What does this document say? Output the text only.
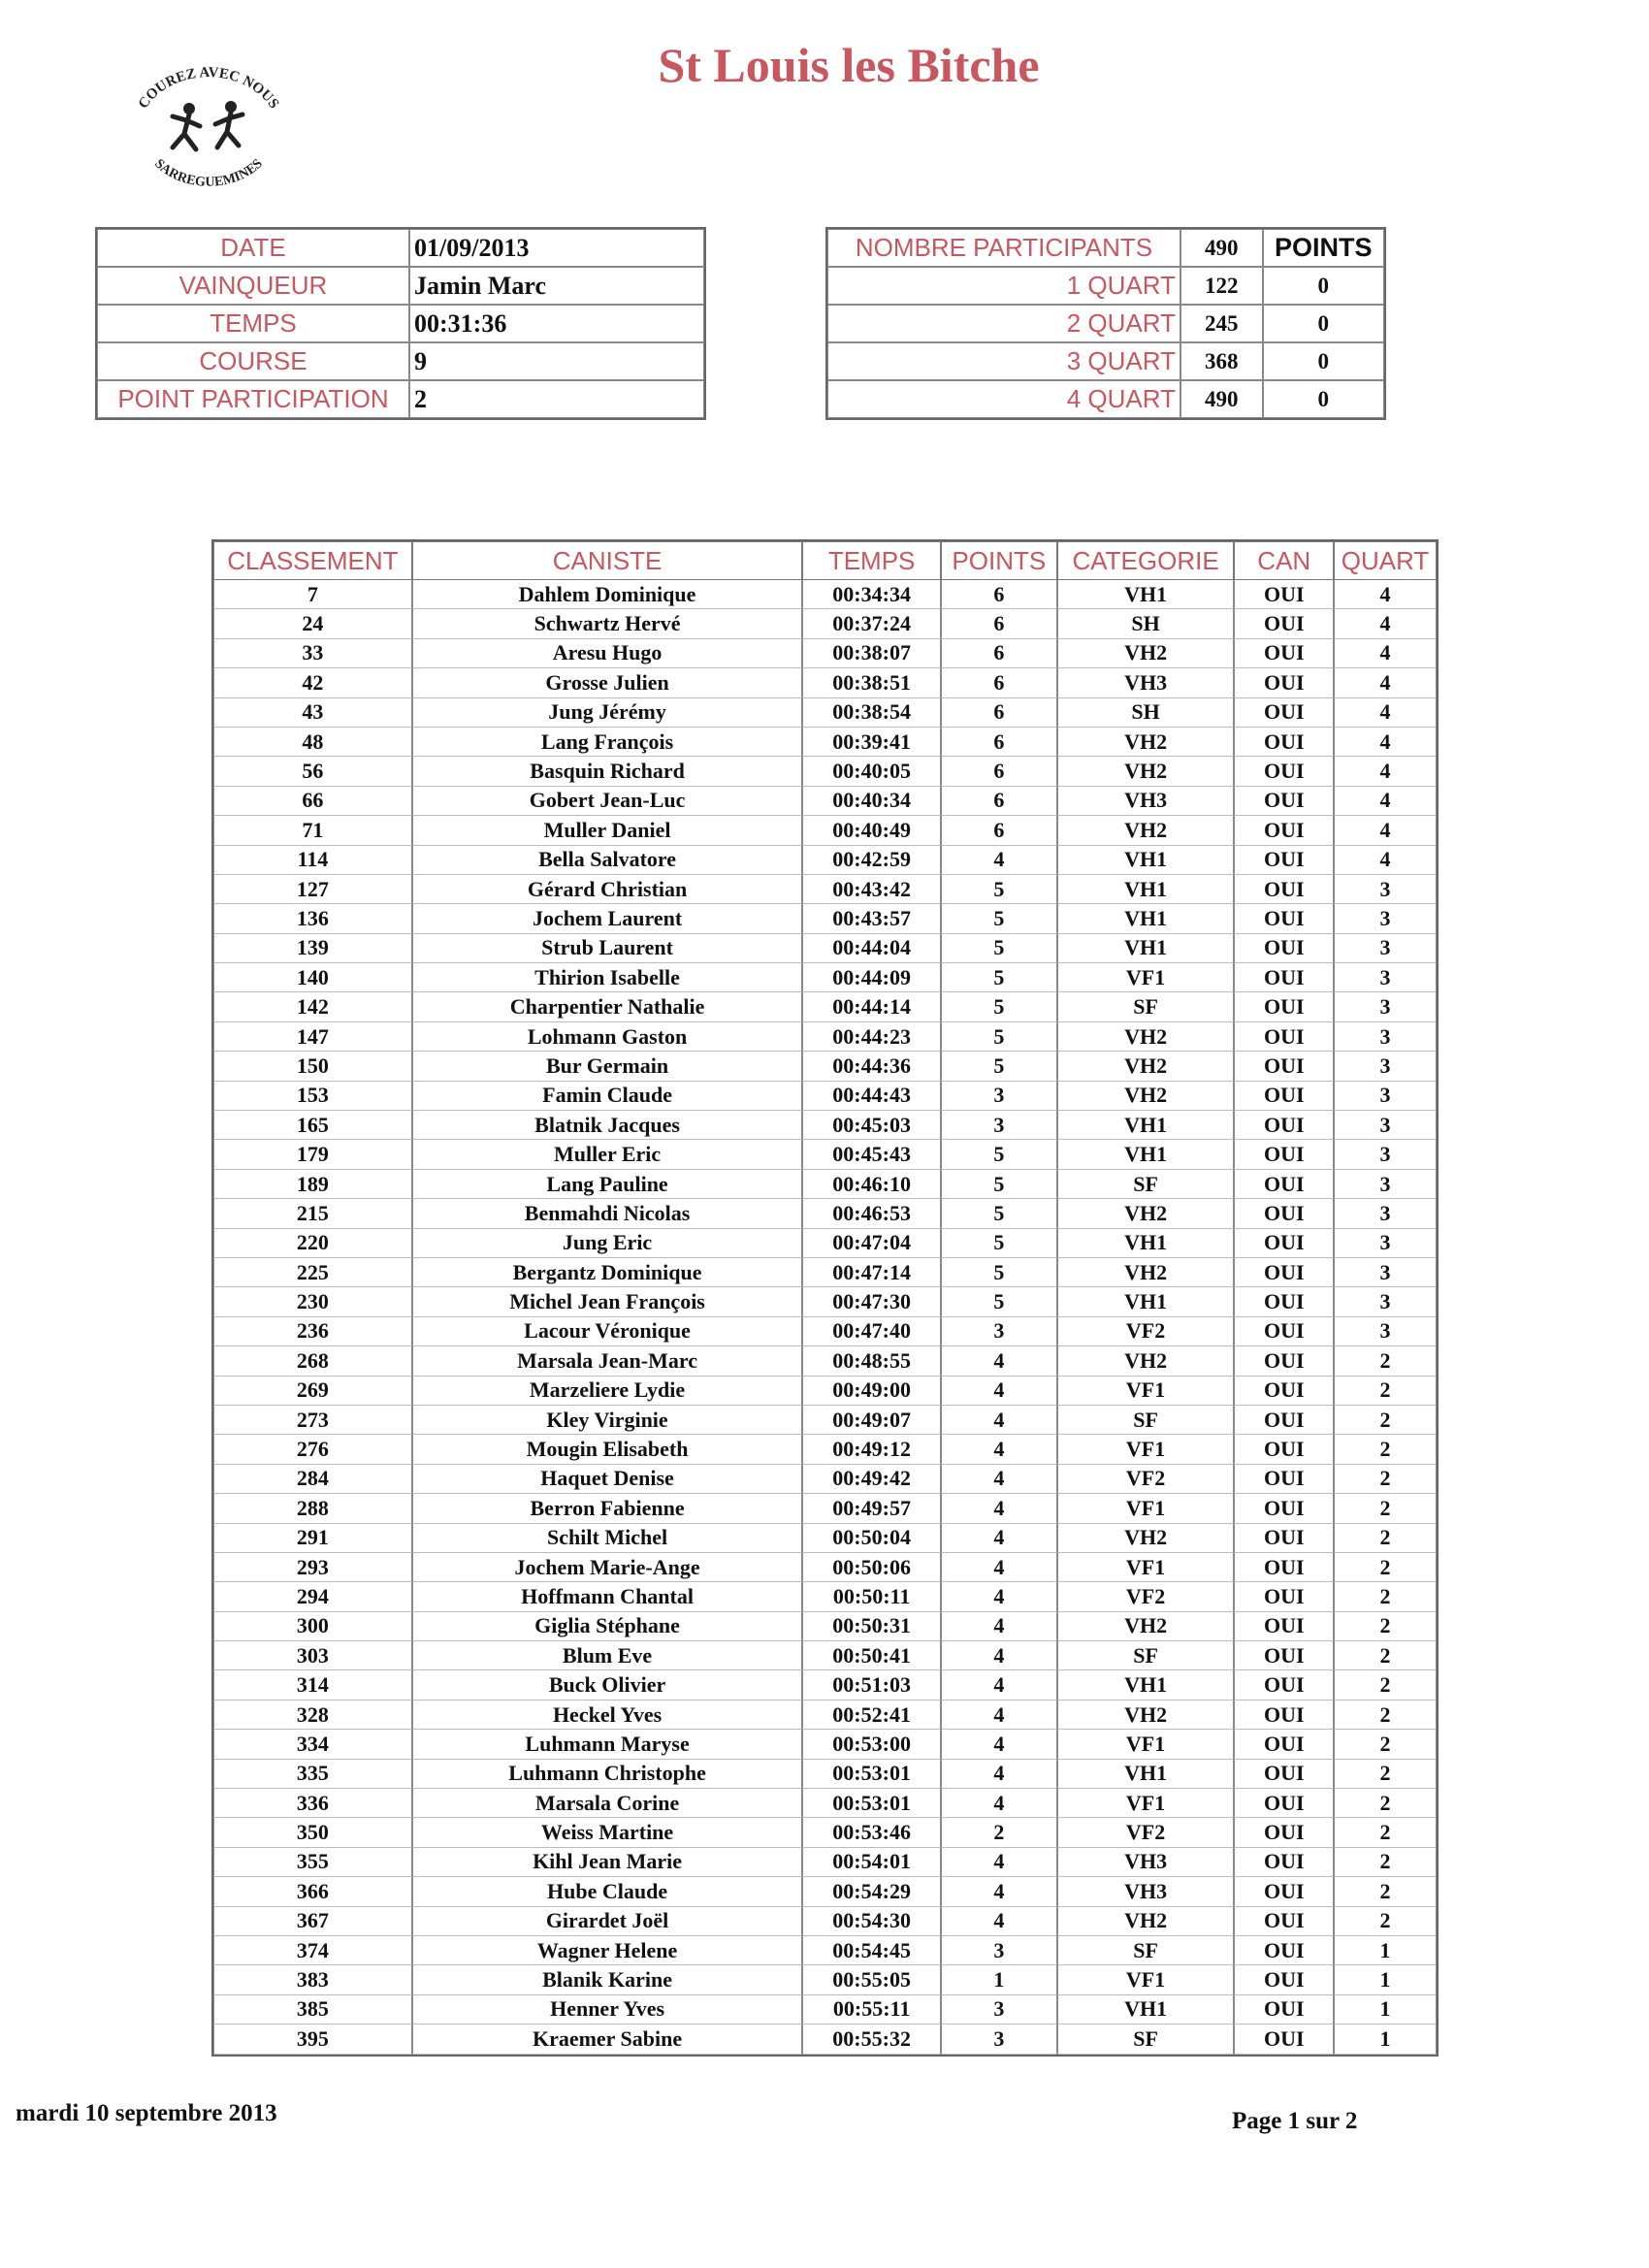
COUREZ AVEC NOUS
SARREGUEMINES
St Louis les Bitche
DATE	01/09/2013
VAINQUEUR	Jamin Marc
TEMPS	00:31:36
COURSE	9
POINT PARTICIPATION	2
NOMBRE PARTICIPANTS	490	POINTS
1 QUART	122	0
2 QUART	245	0
3 QUART	368	0
4 QUART	490	0
CLASSEMENT	CANISTE	TEMPS	POINTS	CATEGORIE	CAN	QUART
7	Dahlem Dominique	00:34:34	6	VH1	OUI	4
24	Schwartz Hervé	00:37:24	6	SH	OUI	4
33	Aresu Hugo	00:38:07	6	VH2	OUI	4
42	Grosse Julien	00:38:51	6	VH3	OUI	4
43	Jung Jérémy	00:38:54	6	SH	OUI	4
48	Lang François	00:39:41	6	VH2	OUI	4
56	Basquin Richard	00:40:05	6	VH2	OUI	4
66	Gobert Jean-Luc	00:40:34	6	VH3	OUI	4
71	Muller Daniel	00:40:49	6	VH2	OUI	4
114	Bella Salvatore	00:42:59	4	VH1	OUI	4
127	Gérard Christian	00:43:42	5	VH1	OUI	3
136	Jochem Laurent	00:43:57	5	VH1	OUI	3
139	Strub Laurent	00:44:04	5	VH1	OUI	3
140	Thirion Isabelle	00:44:09	5	VF1	OUI	3
142	Charpentier Nathalie	00:44:14	5	SF	OUI	3
147	Lohmann Gaston	00:44:23	5	VH2	OUI	3
150	Bur Germain	00:44:36	5	VH2	OUI	3
153	Famin Claude	00:44:43	3	VH2	OUI	3
165	Blatnik Jacques	00:45:03	3	VH1	OUI	3
179	Muller Eric	00:45:43	5	VH1	OUI	3
189	Lang Pauline	00:46:10	5	SF	OUI	3
215	Benmahdi Nicolas	00:46:53	5	VH2	OUI	3
220	Jung Eric	00:47:04	5	VH1	OUI	3
225	Bergantz Dominique	00:47:14	5	VH2	OUI	3
230	Michel Jean François	00:47:30	5	VH1	OUI	3
236	Lacour Véronique	00:47:40	3	VF2	OUI	3
268	Marsala Jean-Marc	00:48:55	4	VH2	OUI	2
269	Marzeliere Lydie	00:49:00	4	VF1	OUI	2
273	Kley Virginie	00:49:07	4	SF	OUI	2
276	Mougin Elisabeth	00:49:12	4	VF1	OUI	2
284	Haquet Denise	00:49:42	4	VF2	OUI	2
288	Berron Fabienne	00:49:57	4	VF1	OUI	2
291	Schilt Michel	00:50:04	4	VH2	OUI	2
293	Jochem Marie-Ange	00:50:06	4	VF1	OUI	2
294	Hoffmann Chantal	00:50:11	4	VF2	OUI	2
300	Giglia Stéphane	00:50:31	4	VH2	OUI	2
303	Blum Eve	00:50:41	4	SF	OUI	2
314	Buck Olivier	00:51:03	4	VH1	OUI	2
328	Heckel Yves	00:52:41	4	VH2	OUI	2
334	Luhmann Maryse	00:53:00	4	VF1	OUI	2
335	Luhmann Christophe	00:53:01	4	VH1	OUI	2
336	Marsala Corine	00:53:01	4	VF1	OUI	2
350	Weiss Martine	00:53:46	2	VF2	OUI	2
355	Kihl Jean Marie	00:54:01	4	VH3	OUI	2
366	Hube Claude	00:54:29	4	VH3	OUI	2
367	Girardet Joël	00:54:30	4	VH2	OUI	2
374	Wagner Helene	00:54:45	3	SF	OUI	1
383	Blanik Karine	00:55:05	1	VF1	OUI	1
385	Henner Yves	00:55:11	3	VH1	OUI	1
395	Kraemer Sabine	00:55:32	3	SF	OUI	1
mardi 10 septembre 2013	Page 1 sur 2
